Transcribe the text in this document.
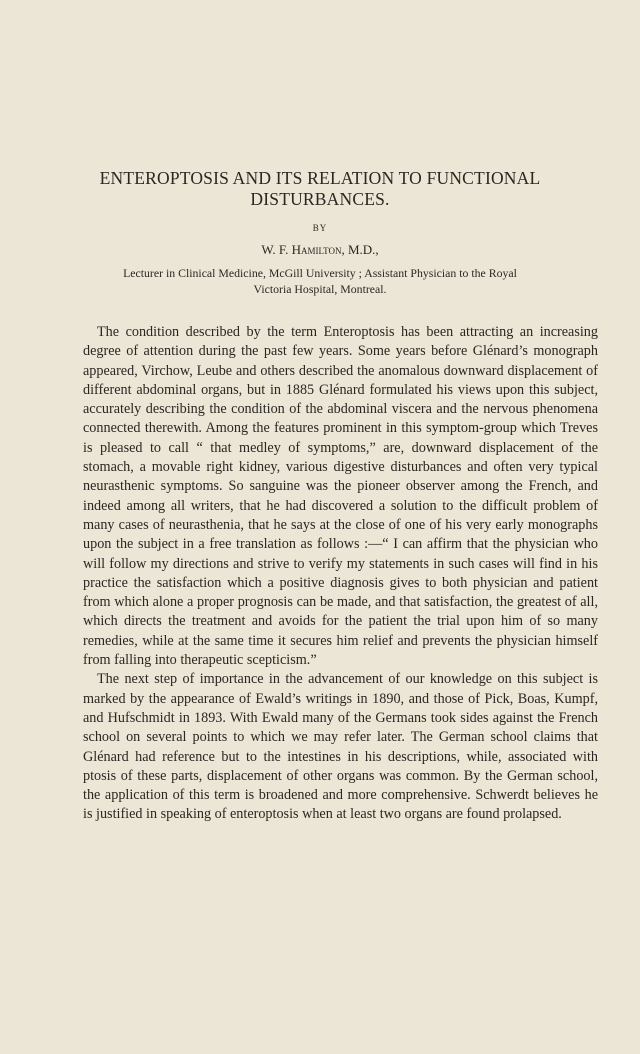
ENTEROPTOSIS AND ITS RELATION TO FUNCTIONAL
DISTURBANCES.
BY
W. F. Hamilton, M.D.,
Lecturer in Clinical Medicine, McGill University ; Assistant Physician to the Royal
Victoria Hospital, Montreal.

The condition described by the term Enteroptosis has been attracting an increasing degree of attention during the past few years. Some years before Glénard’s monograph appeared, Virchow, Leube and others described the anomalous downward displacement of different abdominal organs, but in 1885 Glénard formulated his views upon this subject, accurately describing the condition of the abdominal viscera and the nervous phenomena connected therewith. Among the features prominent in this symptom-group which Treves is pleased to call “ that medley of symptoms,” are, downward displacement of the stomach, a movable right kidney, various digestive disturbances and often very typical neurasthenic symptoms. So sanguine was the pioneer observer among the French, and indeed among all writers, that he had discovered a solution to the difficult problem of many cases of neurasthenia, that he says at the close of one of his very early monographs upon the subject in a free translation as follows :—“ I can affirm that the physician who will follow my directions and strive to verify my statements in such cases will find in his practice the satisfaction which a positive diagnosis gives to both physician and patient from which alone a proper prognosis can be made, and that satisfaction, the greatest of all, which directs the treatment and avoids for the patient the trial upon him of so many remedies, while at the same time it secures him relief and prevents the physician himself from falling into therapeutic scepticism.”

The next step of importance in the advancement of our knowledge on this subject is marked by the appearance of Ewald’s writings in 1890, and those of Pick, Boas, Kumpf, and Hufschmidt in 1893. With Ewald many of the Germans took sides against the French school on several points to which we may refer later. The German school claims that Glénard had reference but to the intestines in his descriptions, while, associated with ptosis of these parts, displacement of other organs was common. By the German school, the application of this term is broadened and more comprehensive. Schwerdt believes he is justified in speaking of enteroptosis when at least two organs are found prolapsed.
